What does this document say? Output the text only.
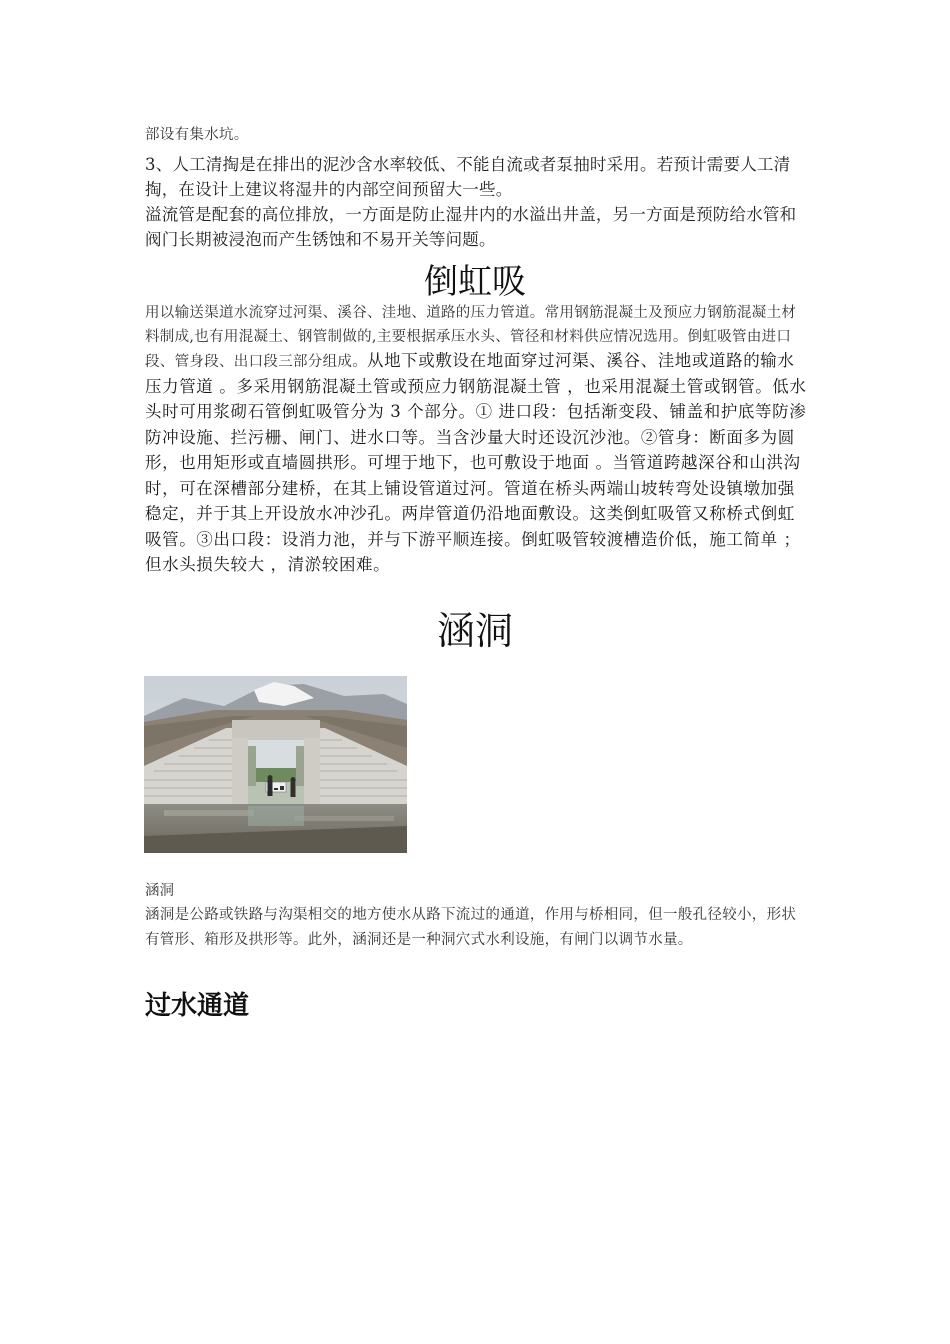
部设有集水坑。

3、人工清掏是在排出的泥沙含水率较低、不能自流或者泵抽时采用。若预计需要人工清掏，在设计上建议将湿井的内部空间预留大一些。

溢流管是配套的高位排放，一方面是防止湿井内的水溢出井盖，另一方面是预防给水管和阀门长期被浸泡而产生锈蚀和不易开关等问题。

倒虹吸

用以输送渠道水流穿过河渠、溪谷、洼地、道路的压力管道。常用钢筋混凝土及预应力钢筋混凝土材料制成,也有用混凝土、钢管制做的,主要根据承压水头、管径和材料供应情况选用。倒虹吸管由进口段、管身段、出口段三部分组成。从地下或敷设在地面穿过河渠、溪谷、洼地或道路的输水压力管道 。多采用钢筋混凝土管或预应力钢筋混凝土管 ，也采用混凝土管或钢管。低水头时可用浆砌石管倒虹吸管分为 3 个部分。① 进口段：包括渐变段、铺盖和护底等防渗防冲设施、拦污栅、闸门、进水口等。当含沙量大时还设沉沙池。②管身：断面多为圆形，也用矩形或直墙圆拱形。可埋于地下，也可敷设于地面 。当管道跨越深谷和山洪沟时，可在深槽部分建桥，在其上铺设管道过河。管道在桥头两端山坡转弯处设镇墩加强稳定，并于其上开设放水冲沙孔。两岸管道仍沿地面敷设。这类倒虹吸管又称桥式倒虹吸管。③出口段：设消力池，并与下游平顺连接。倒虹吸管较渡槽造价低，施工简单 ；但水头损失较大 ，清淤较困难。

涵洞

涵洞

涵洞是公路或铁路与沟渠相交的地方使水从路下流过的通道，作用与桥相同，但一般孔径较小，形状有管形、箱形及拱形等。此外，涵洞还是一种洞穴式水利设施，有闸门以调节水量。

过水通道
